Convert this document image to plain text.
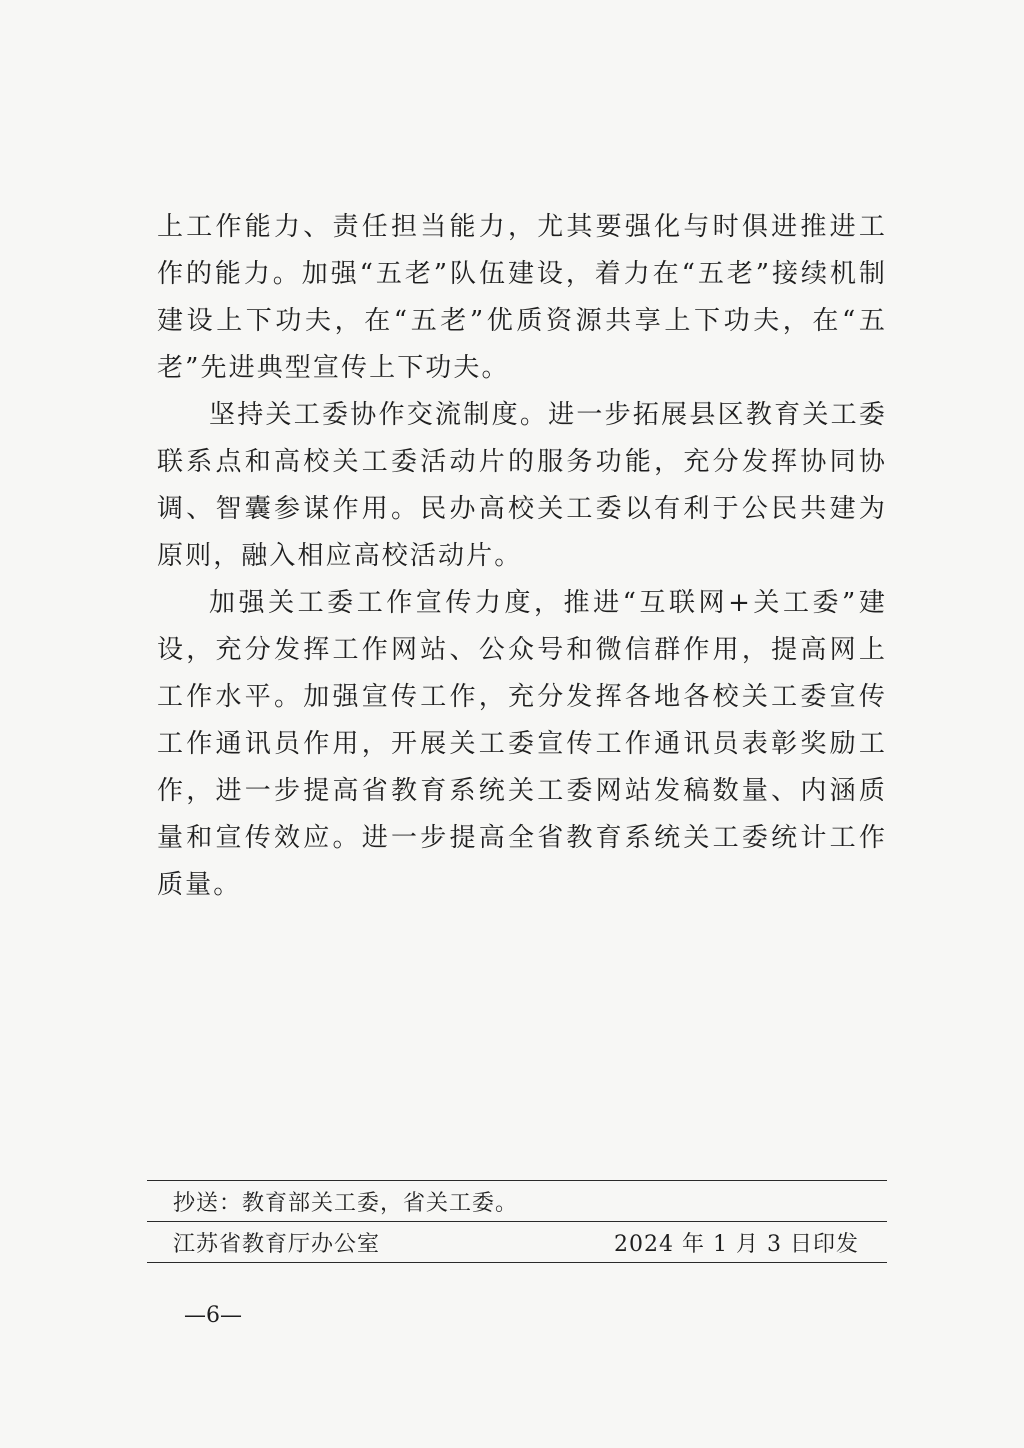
上工作能力、责任担当能力，尤其要强化与时俱进推进工作的能力。加强“五老”队伍建设，着力在“五老”接续机制建设上下功夫，在“五老”优质资源共享上下功夫，在“五老”先进典型宣传上下功夫。

坚持关工委协作交流制度。进一步拓展县区教育关工委联系点和高校关工委活动片的服务功能，充分发挥协同协调、智囊参谋作用。民办高校关工委以有利于公民共建为原则，融入相应高校活动片。

加强关工委工作宣传力度，推进“互联网+关工委”建设，充分发挥工作网站、公众号和微信群作用，提高网上工作水平。加强宣传工作，充分发挥各地各校关工委宣传工作通讯员作用，开展关工委宣传工作通讯员表彰奖励工作，进一步提高省教育系统关工委网站发稿数量、内涵质量和宣传效应。进一步提高全省教育系统关工委统计工作质量。

抄送：教育部关工委，省关工委。
江苏省教育厅办公室	2024 年 1 月 3 日印发
—6—
